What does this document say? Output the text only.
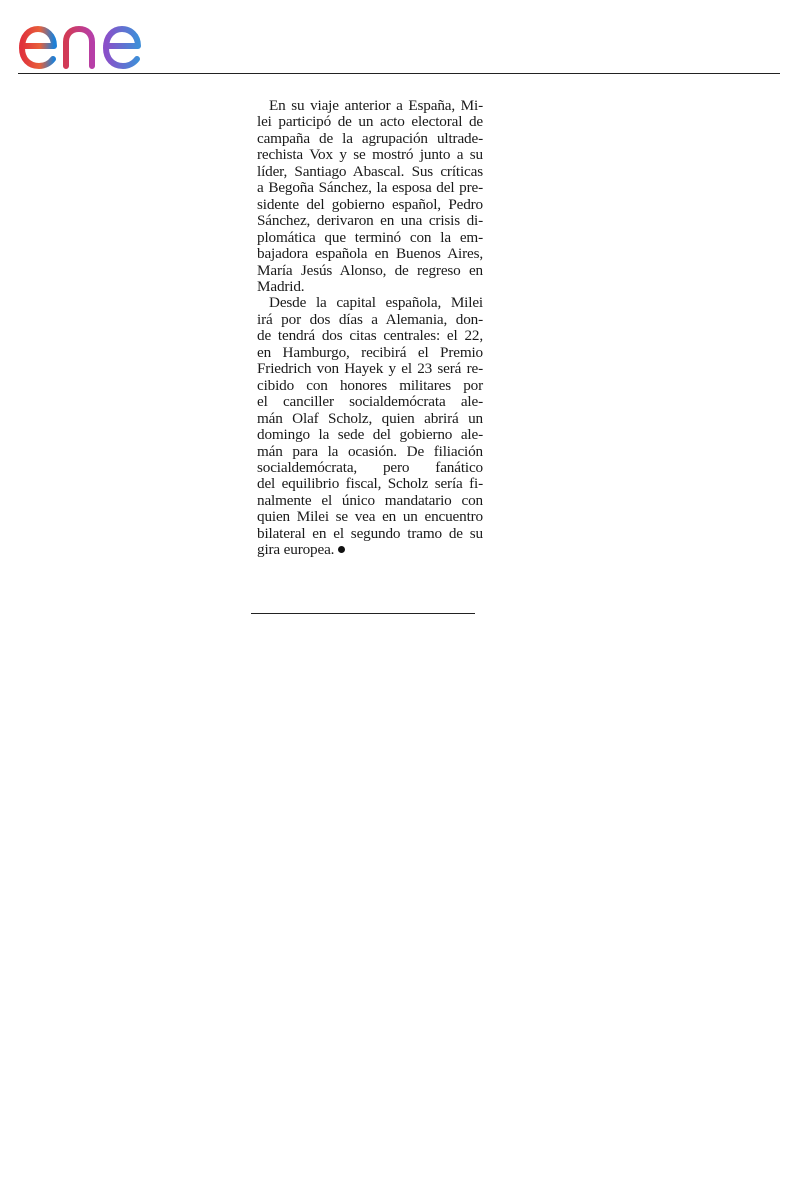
En su viaje anterior a España, Mi-
lei participó de un acto electoral de
campaña de la agrupación ultrade-
rechista Vox y se mostró junto a su
líder, Santiago Abascal. Sus críticas
a Begoña Sánchez, la esposa del pre-
sidente del gobierno español, Pedro
Sánchez, derivaron en una crisis di-
plomática que terminó con la em-
bajadora española en Buenos Aires,
María Jesús Alonso, de regreso en
Madrid.

Desde la capital española, Milei
irá por dos días a Alemania, don-
de tendrá dos citas centrales: el 22,
en Hamburgo, recibirá el Premio
Friedrich von Hayek y el 23 será re-
cibido con honores militares por
el canciller socialdemócrata ale-
mán Olaf Scholz, quien abrirá un
domingo la sede del gobierno ale-
mán para la ocasión. De filiación
socialdemócrata, pero fanático
del equilibrio fiscal, Scholz sería fi-
nalmente el único mandatario con
quien Milei se vea en un encuentro
bilateral en el segundo tramo de su
gira europea.
